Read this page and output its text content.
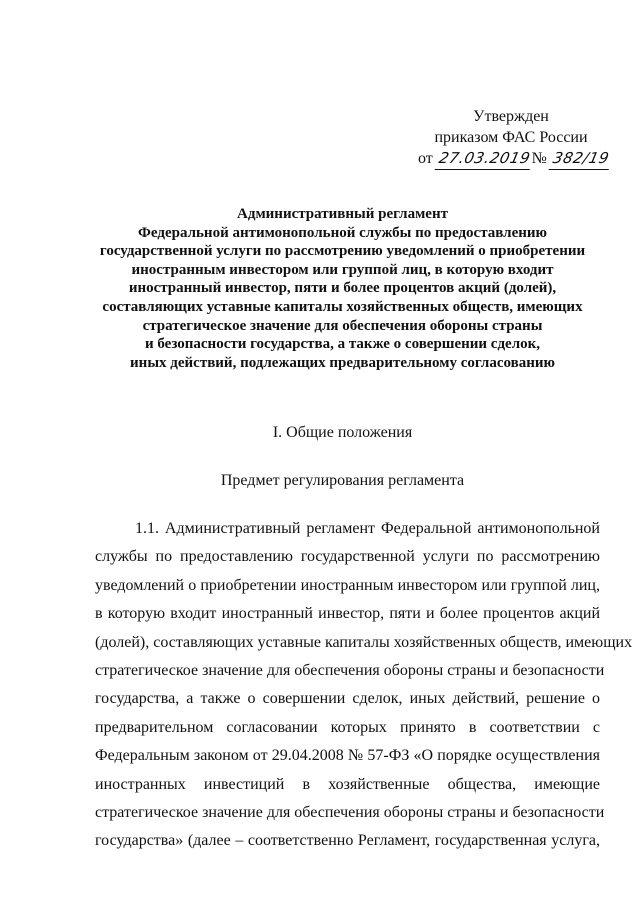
Утвержден
приказом ФАС России
от 27.03.2019№ 382/19
Административный регламент
Федеральной антимонопольной службы по предоставлению
государственной услуги по рассмотрению уведомлений о приобретении
иностранным инвестором или группой лиц, в которую входит
иностранный инвестор, пяти и более процентов акций (долей),
составляющих уставные капиталы хозяйственных обществ, имеющих
стратегическое значение для обеспечения обороны страны
и безопасности государства, а также о совершении сделок,
иных действий, подлежащих предварительному согласованию
I. Общие положения
Предмет регулирования регламента
1.1. Административный регламент Федеральной антимонопольной
службы по предоставлению государственной услуги по рассмотрению
уведомлений о приобретении иностранным инвестором или группой лиц,
в которую входит иностранный инвестор, пяти и более процентов акций
(долей), составляющих уставные капиталы хозяйственных обществ, имеющих
стратегическое значение для обеспечения обороны страны и безопасности
государства, а также о совершении сделок, иных действий, решение о
предварительном согласовании которых принято в соответствии с
Федеральным законом от 29.04.2008 № 57-ФЗ «О порядке осуществления
иностранных инвестиций в хозяйственные общества, имеющие
стратегическое значение для обеспечения обороны страны и безопасности
государства» (далее – соответственно Регламент, государственная услуга,
